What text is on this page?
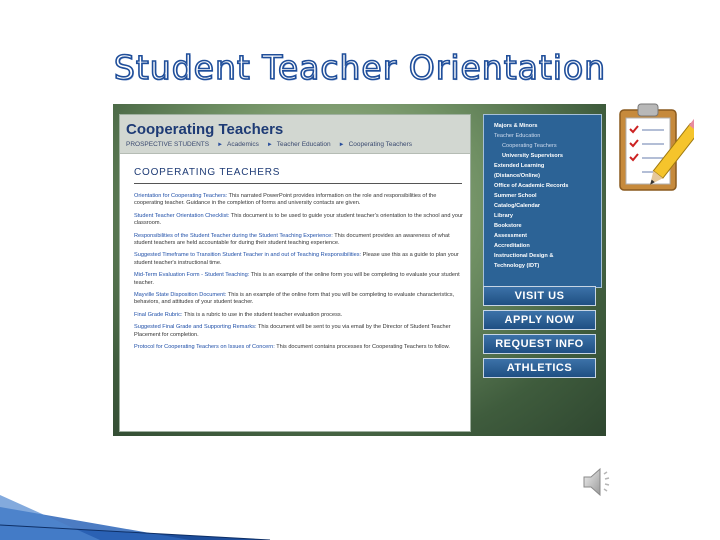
Student Teacher Orientation
Cooperating Teachers
PROSPECTIVE STUDENTS ► Academics ► Teacher Education ► Cooperating Teachers
COOPERATING TEACHERS
Orientation for Cooperating Teachers: This narrated PowerPoint provides information on the role and responsibilities of the cooperating teacher. Guidance in the completion of forms and university contacts are given.
Student Teacher Orientation Checklist: This document is to be used to guide your student teacher's orientation to the school and your classroom.
Responsibilities of the Student Teacher during the Student Teaching Experience: This document provides an awareness of what student teachers are held accountable for during their student teaching experience.
Suggested Timeframe to Transition Student Teacher in and out of Teaching Responsibilities: Please use this as a guide to plan your student teacher's instructional time.
Mid-Term Evaluation Form - Student Teaching: This is an example of the online form you will be completing to evaluate your student teacher.
Mayville State Disposition Document: This is an example of the online form that you will be completing to evaluate characteristics, behaviors, and attitudes of your student teacher.
Final Grade Rubric: This is a rubric to use in the student teacher evaluation process.
Suggested Final Grade and Supporting Remarks: This document will be sent to you via email by the Director of Student Teacher Placement for completion.
Protocol for Cooperating Teachers on Issues of Concern: This document contains processes for Cooperating Teachers to follow.
Majors & Minors
Teacher Education
Cooperating Teachers
University Supervisors
Extended Learning
(Distance/Online)
Office of Academic Records
Summer School
Catalog/Calendar
Library
Bookstore
Assessment
Accreditation
Instructional Design &
Technology (IDT)
VISIT US
APPLY NOW
REQUEST INFO
ATHLETICS
